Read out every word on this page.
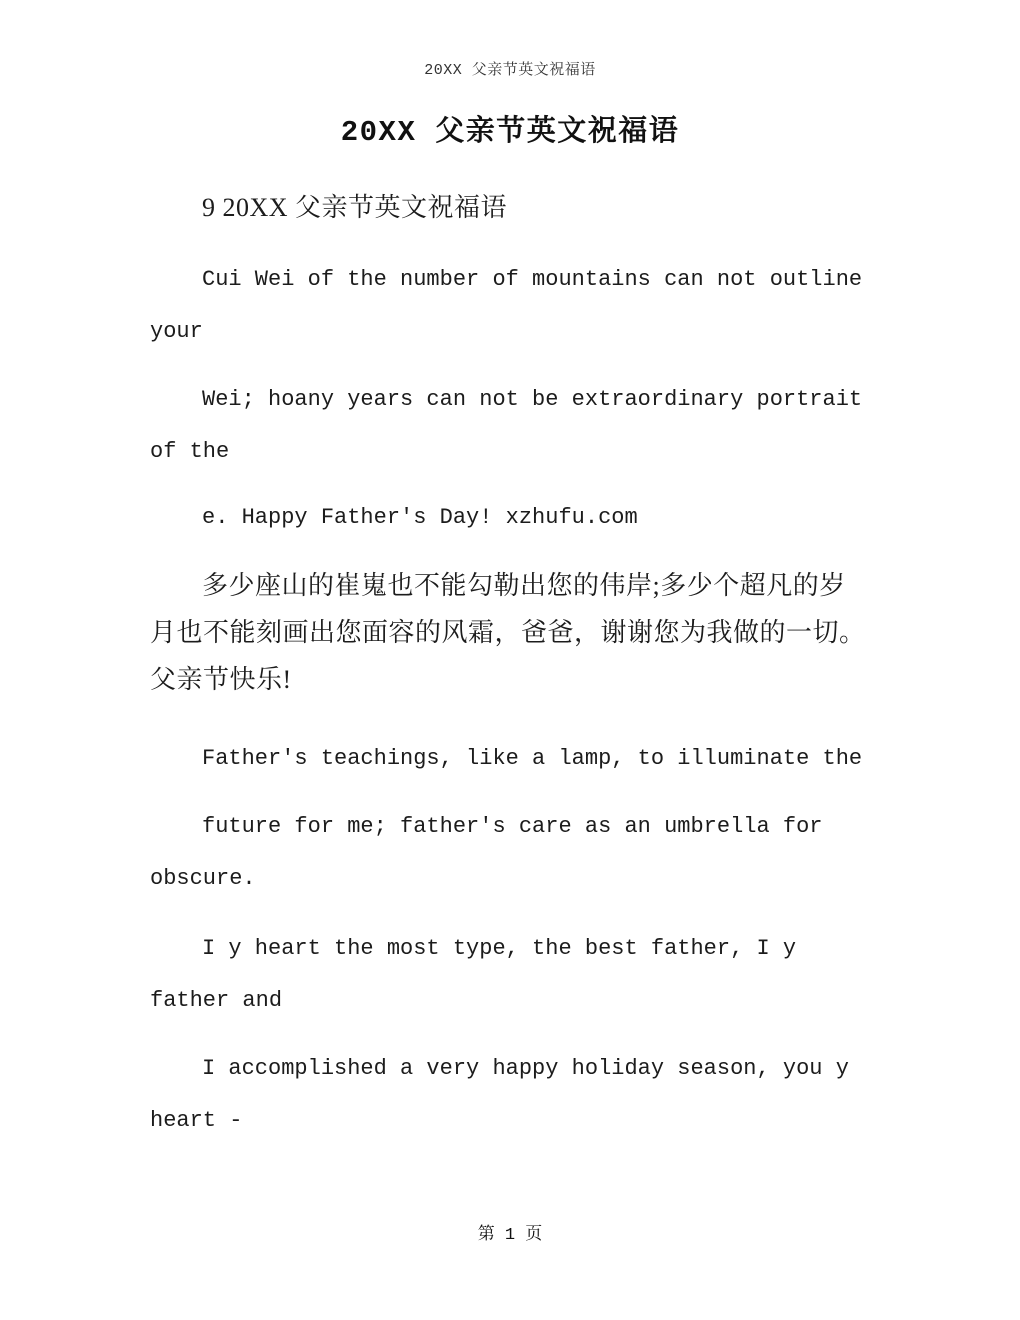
20XX 父亲节英文祝福语
20XX 父亲节英文祝福语
9 20XX 父亲节英文祝福语
Cui Wei of the number of mountains can not outline
your
Wei; hoany years can not be extraordinary portrait
of the
e. Happy Father's Day! xzhufu.com
多少座山的崔嵬也不能勾勒出您的伟岸;多少个超凡的岁
月也不能刻画出您面容的风霜，爸爸，谢谢您为我做的一切。
父亲节快乐!
Father's teachings, like a lamp, to illuminate the
future for me; father's care as an umbrella for
obscure.
I y heart the most type, the best father, I y
father and
I accomplished a very happy holiday season, you y
heart -
第 1 页
